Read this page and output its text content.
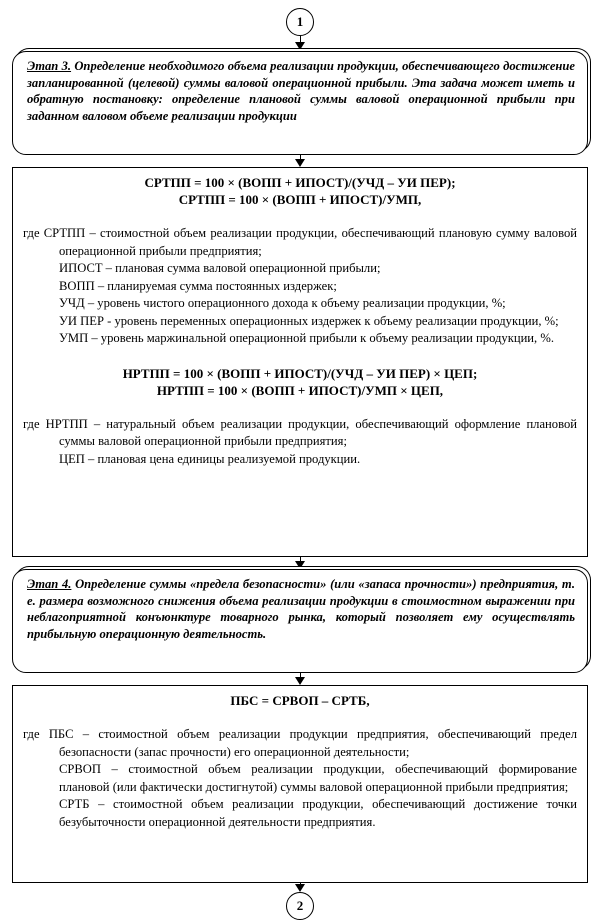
1
Этап 3. Определение необходимого объема реализации продукции, обеспечивающего достижение запланированной (целевой) суммы валовой операционной прибыли. Эта задача может иметь и обратную постановку: определение плановой суммы валовой операционной прибыли при заданном валовом объеме реализации продукции
СРТПП = 100 × (ВОПП + ИПОСТ)/(УЧД – УИ ПЕР);
СРТПП = 100 × (ВОПП + ИПОСТ)/УМП,
где СРТПП – стоимостной объем реализации продукции, обеспечивающий плановую сумму валовой операционной прибыли предприятия;
ИПОСТ – плановая сумма валовой операционной прибыли;
ВОПП – планируемая сумма постоянных издержек;
УЧД – уровень чистого операционного дохода к объему реализации продукции, %;
УИ ПЕР - уровень переменных операционных издержек к объему реализации продукции, %;
УМП – уровень маржинальной операционной прибыли к объему реализации продукции, %.
НРТПП = 100 × (ВОПП + ИПОСТ)/(УЧД – УИ ПЕР) × ЦЕП;
НРТПП = 100 × (ВОПП + ИПОСТ)/УМП × ЦЕП,
где НРТПП – натуральный объем реализации продукции, обеспечивающий оформление плановой суммы валовой операционной прибыли предприятия;
ЦЕП – плановая цена единицы реализуемой продукции.
Этап 4. Определение суммы «предела безопасности» (или «запаса прочности») предприятия, т. е. размера возможного снижения объема реализации продукции в стоимостном выражении при неблагоприятной конъюнктуре товарного рынка, который позволяет ему осуществлять прибыльную операционную деятельность.
ПБС = СРВОП – СРТБ,
где ПБС – стоимостной объем реализации продукции предприятия, обеспечивающий предел безопасности (запас прочности) его операционной деятельности;
СРВОП – стоимостной объем реализации продукции, обеспечивающий формирование плановой (или фактически достигнутой) суммы валовой операционной прибыли предприятия;
СРТБ – стоимостной объем реализации продукции, обеспечивающий достижение точки безубыточности операционной деятельности предприятия.
2
